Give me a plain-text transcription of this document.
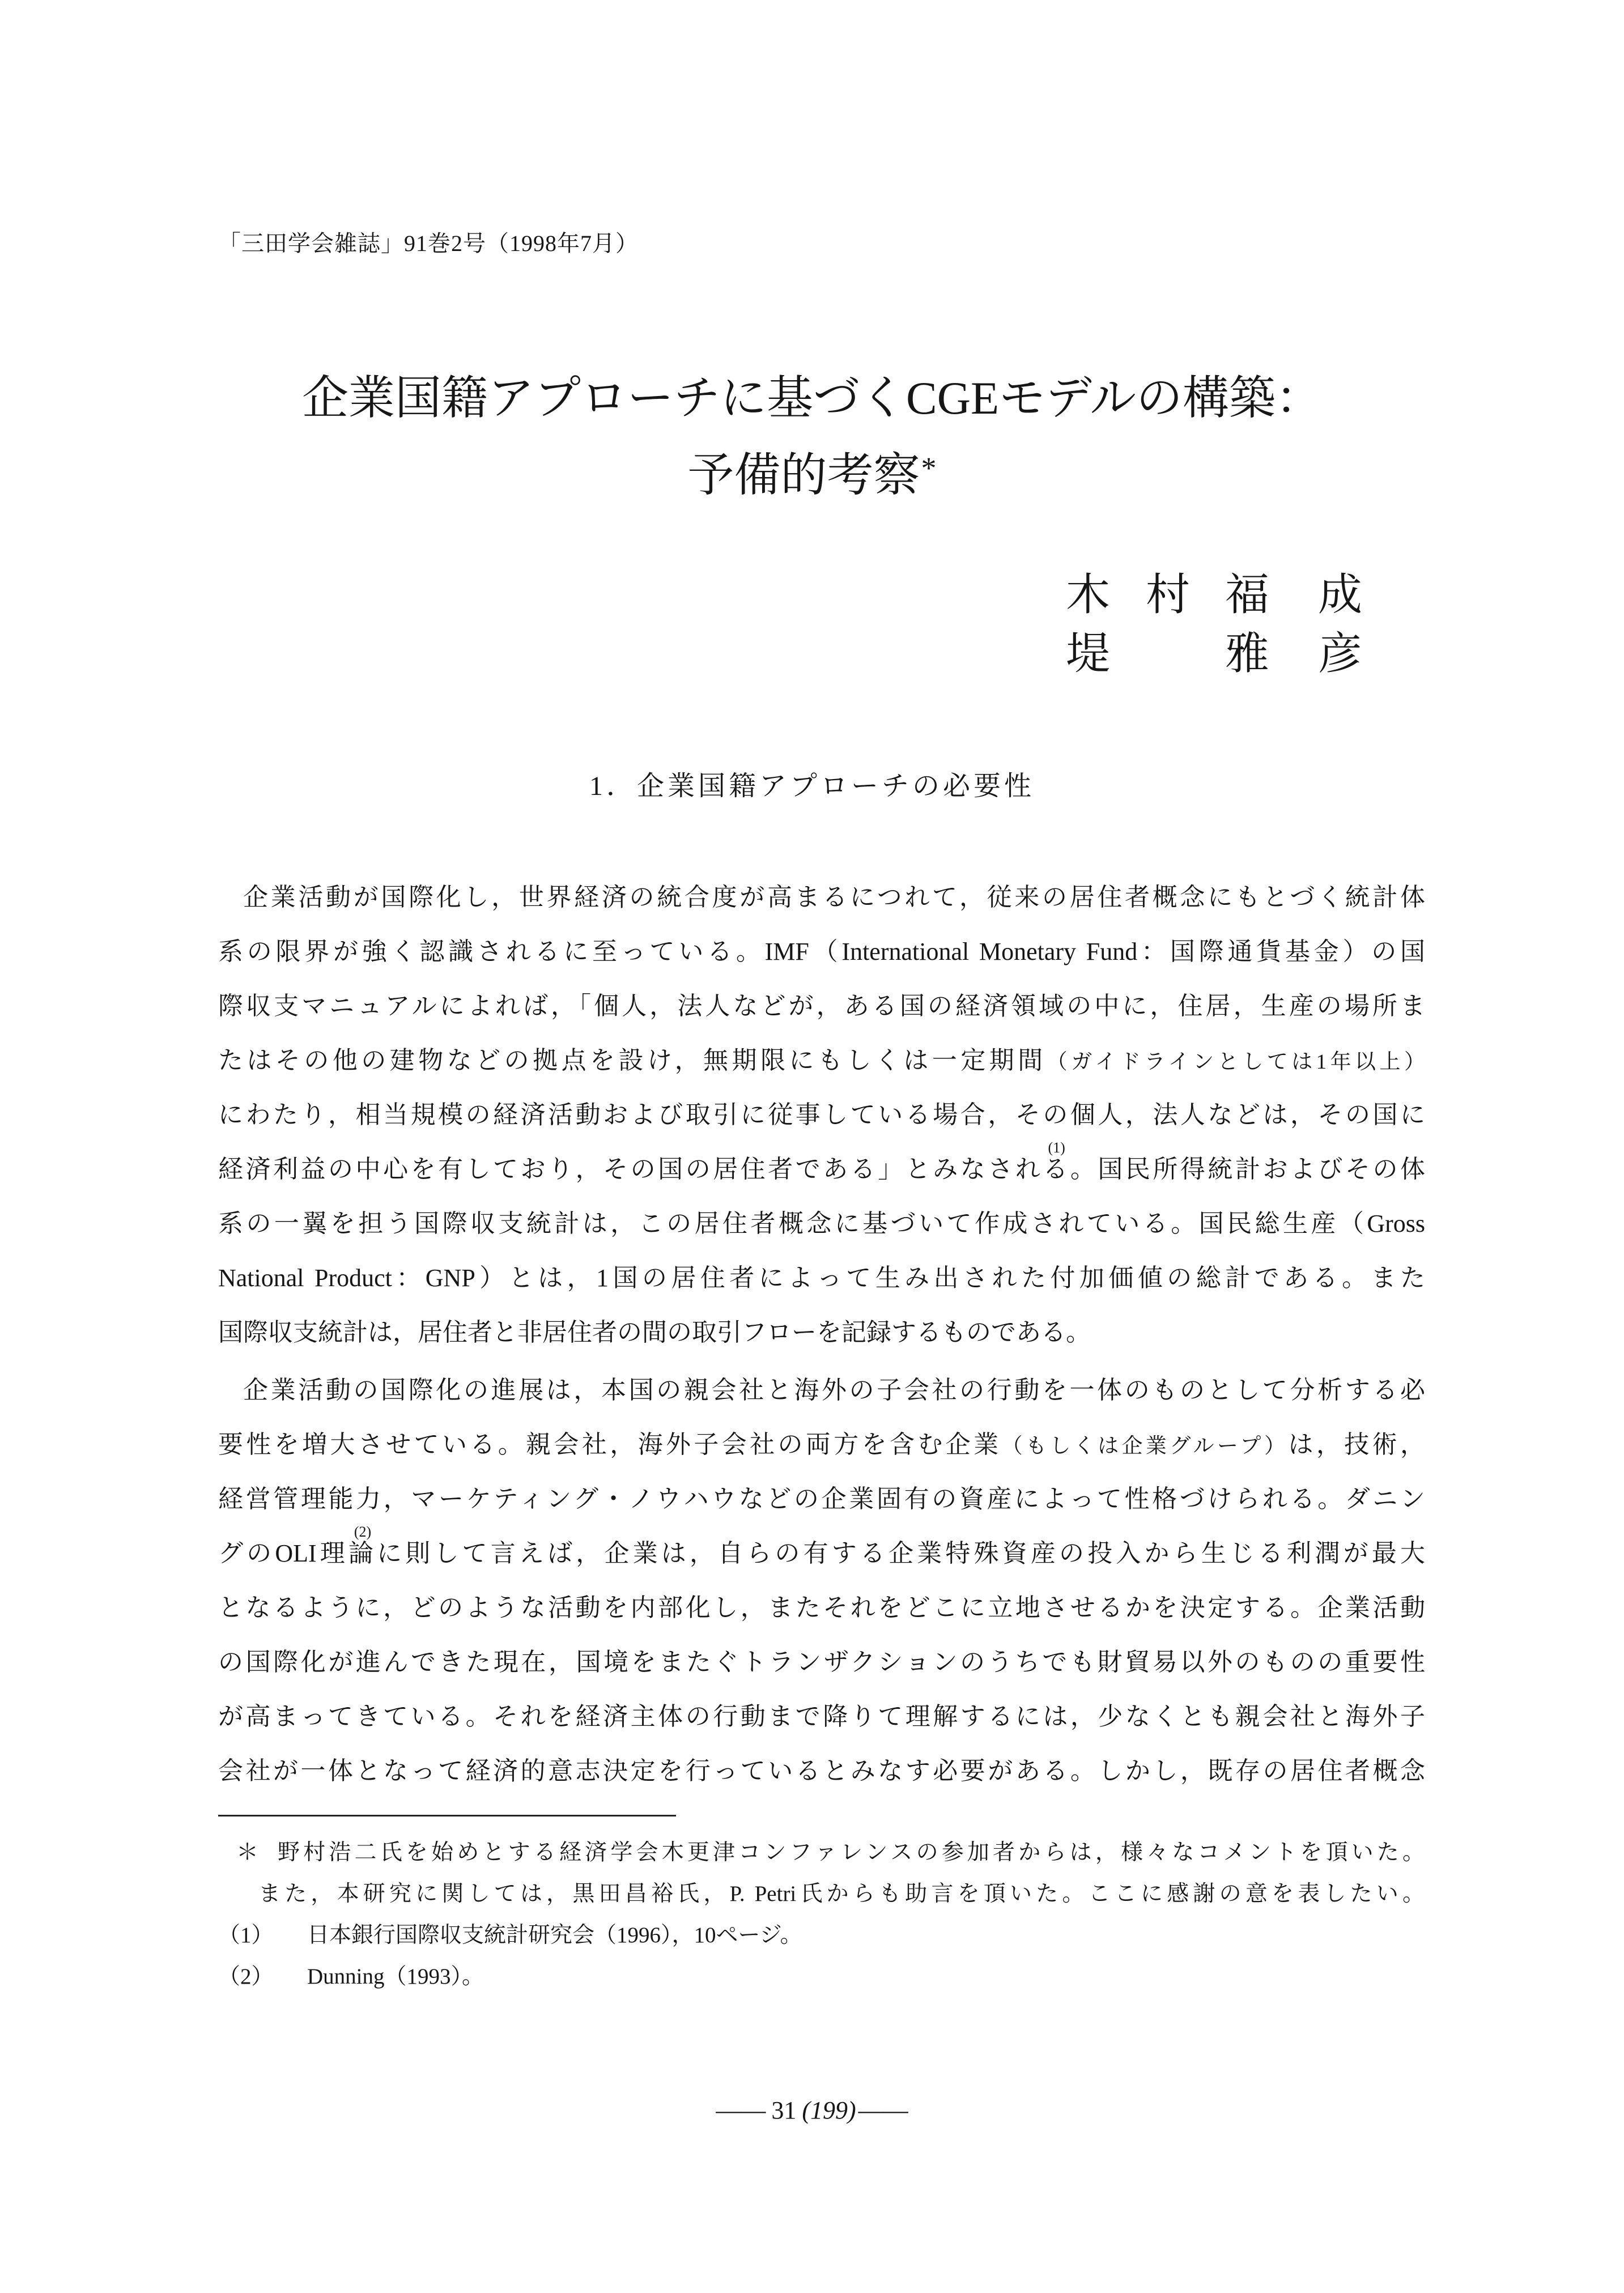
「三田学会雑誌」91巻2号（1998年7月）
企業国籍アプローチに基づくCGEモデルの構築：
予備的考察*
木村
福成
堤	雅彦
1．企業国籍アプローチの必要性
企業活動が国際化し，世界経済の統合度が高まるにつれて，従来の居住者概念にもとづく統計体
系の限界が強く認識されるに至っている。IMF（International Monetary Fund：国際通貨基金）の国
際収支マニュアルによれば，「個人，法人などが，ある国の経済領域の中に，住居，生産の場所ま
たはその他の建物などの拠点を設け，無期限にもしくは一定期間（ガイドラインとしては1年以上）
にわたり，相当規模の経済活動および取引に従事している場合，その個人，法人などは，その国に
経済利益の中心を有しており，その国の居住者である」とみなされる
(1)
。国民所得統計およびその体
系の一翼を担う国際収支統計は，この居住者概念に基づいて作成されている。国民総生産（Gross
National Product：GNP）とは，1国の居住者によって生み出された付加価値の総計である。また
国際収支統計は，居住者と非居住者の間の取引フローを記録するものである。
企業活動の国際化の進展は，本国の親会社と海外の子会社の行動を一体のものとして分析する必
要性を増大させている。親会社，海外子会社の両方を含む企業（もしくは企業グループ）は，技術，
経営管理能力，マーケティング・ノウハウなどの企業固有の資産によって性格づけられる。ダニン
グのOLI理論
(2)
に則して言えば，企業は，自らの有する企業特殊資産の投入から生じる利潤が最大
となるように，どのような活動を内部化し，またそれをどこに立地させるかを決定する。企業活動
の国際化が進んできた現在，国境をまたぐトランザクションのうちでも財貿易以外のものの重要性
が高まってきている。それを経済主体の行動まで降りて理解するには，少なくとも親会社と海外子
会社が一体となって経済的意志決定を行っているとみなす必要がある。しかし，既存の居住者概念
＊ 野村浩二氏を始めとする経済学会木更津コンファレンスの参加者からは，様々なコメントを頂いた。
また，本研究に関しては，黒田昌裕氏，P. Petri氏からも助言を頂いた。ここに感謝の意を表したい。
（1） 日本銀行国際収支統計研究会（1996），10ページ。
（2） Dunning（1993）。
—— 31 (199)——
